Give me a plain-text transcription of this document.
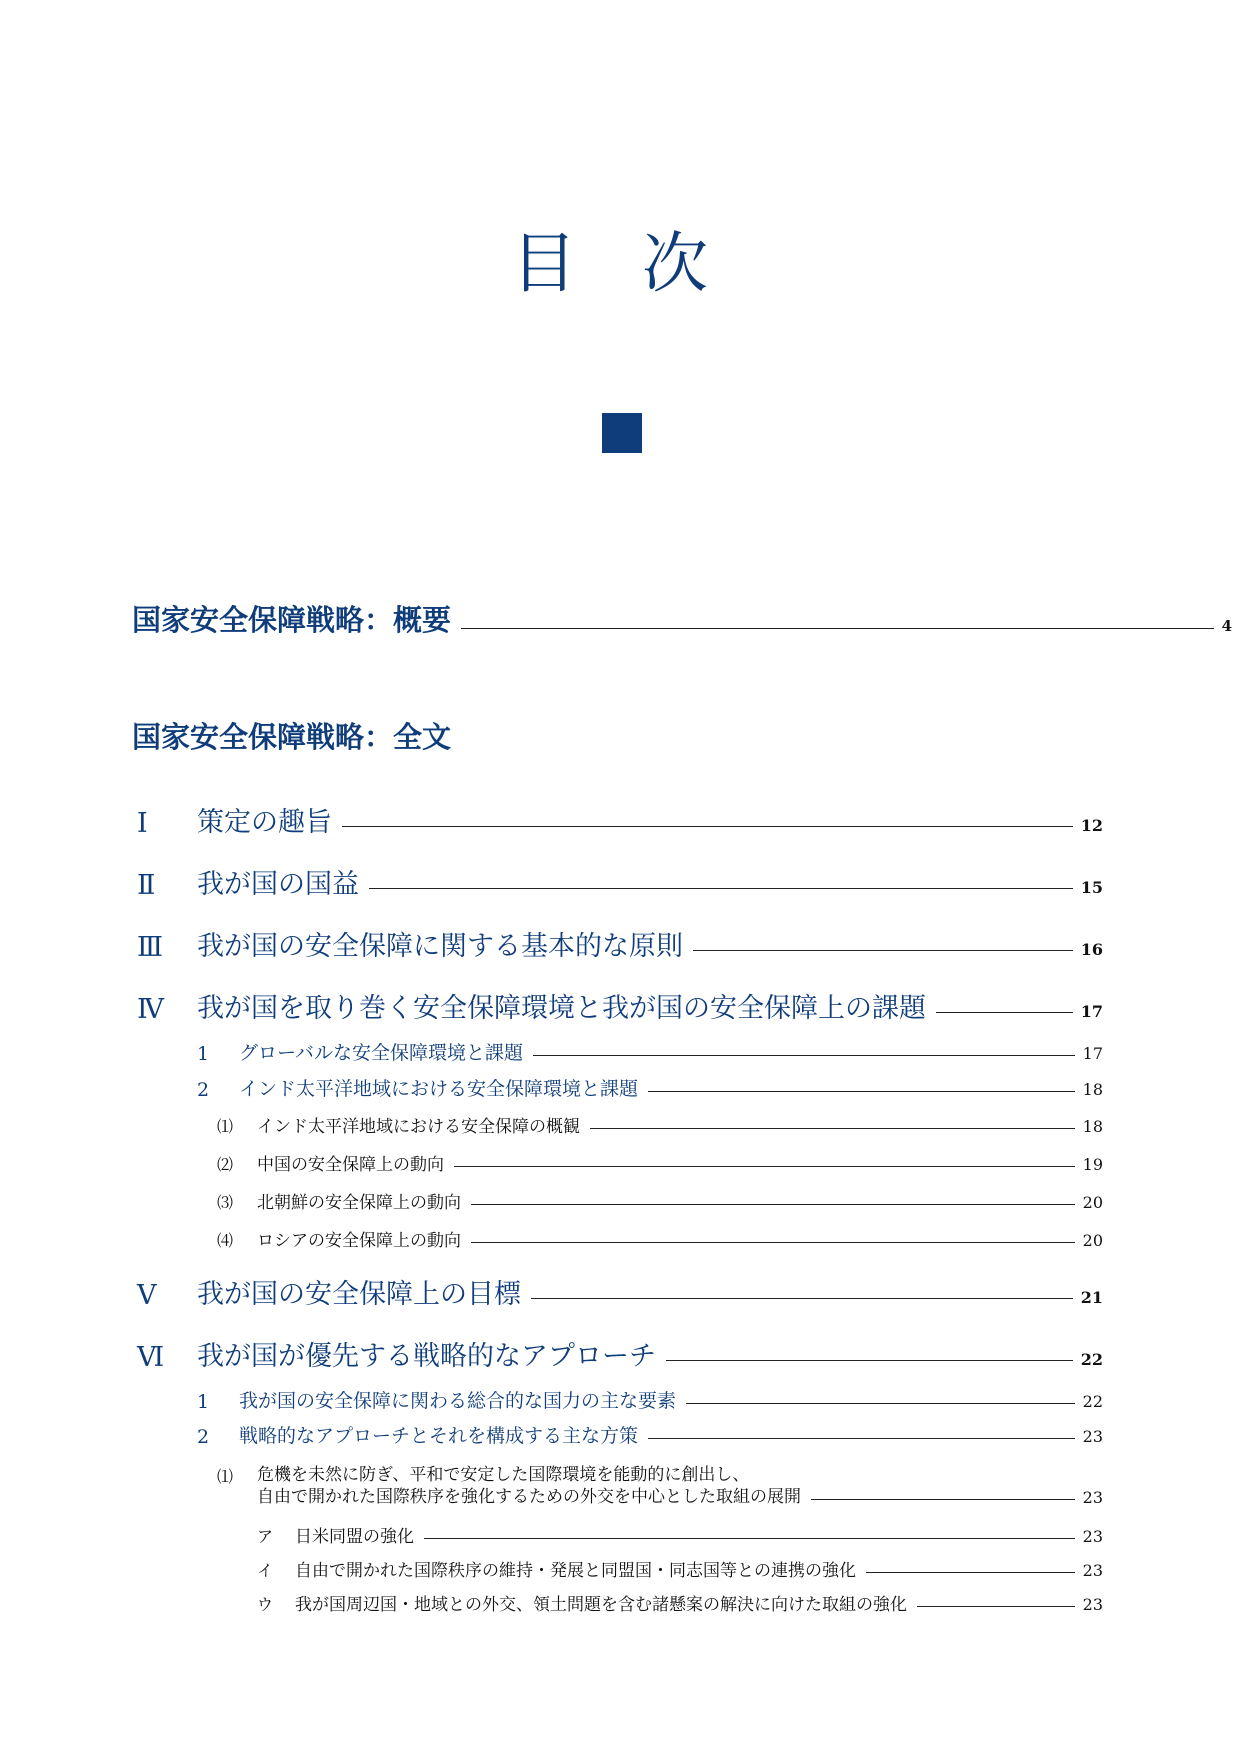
目 次
国家安全保障戦略：概要	4
国家安全保障戦略：全文
Ⅰ	策定の趣旨	12
Ⅱ	我が国の国益	15
Ⅲ	我が国の安全保障に関する基本的な原則	16
Ⅳ	我が国を取り巻く安全保障環境と我が国の安全保障上の課題	17
1	グローバルな安全保障環境と課題	17
2	インド太平洋地域における安全保障環境と課題	18
⑴	インド太平洋地域における安全保障の概観	18
⑵	中国の安全保障上の動向	19
⑶	北朝鮮の安全保障上の動向	20
⑷	ロシアの安全保障上の動向	20
Ⅴ	我が国の安全保障上の目標	21
Ⅵ	我が国が優先する戦略的なアプローチ	22
1	我が国の安全保障に関わる総合的な国力の主な要素	22
2	戦略的なアプローチとそれを構成する主な方策	23
⑴	危機を未然に防ぎ、平和で安定した国際環境を能動的に創出し、
自由で開かれた国際秩序を強化するための外交を中心とした取組の展開	23
ア	日米同盟の強化	23
イ	自由で開かれた国際秩序の維持・発展と同盟国・同志国等との連携の強化	23
ウ	我が国周辺国・地域との外交、領土問題を含む諸懸案の解決に向けた取組の強化	23
